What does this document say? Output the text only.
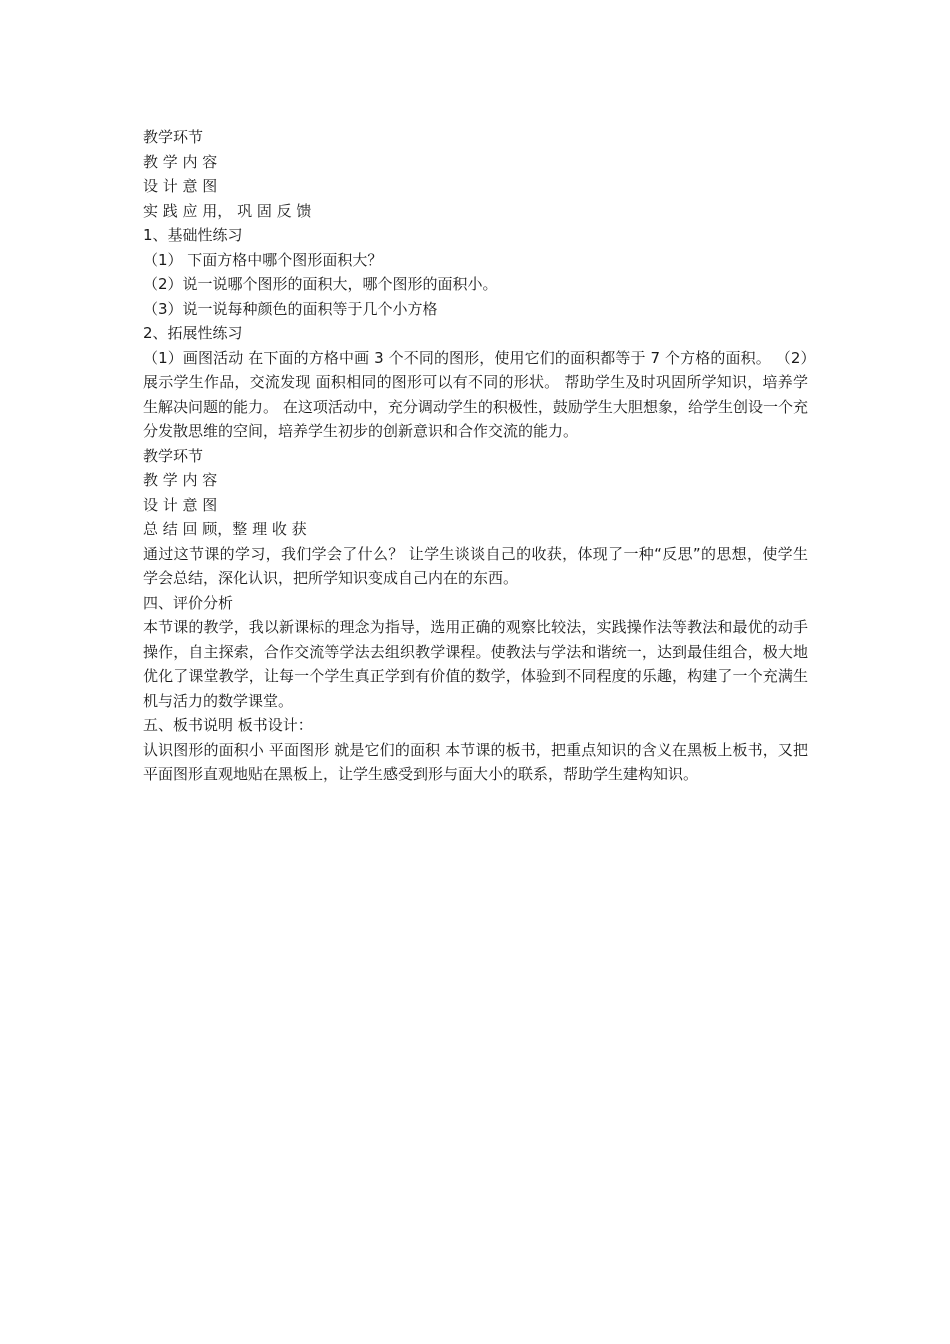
教学环节
教 学 内 容
设 计 意 图
实 践 应 用， 巩 固 反 馈
1、基础性练习
（1） 下面方格中哪个图形面积大？
（2）说一说哪个图形的面积大，哪个图形的面积小。
（3）说一说每种颜色的面积等于几个小方格
2、拓展性练习
（1）画图活动 在下面的方格中画 3 个不同的图形，使用它们的面积都等于 7 个方格的面积。 （2）展示学生作品，交流发现 面积相同的图形可以有不同的形状。 帮助学生及时巩固所学知识，培养学生解决问题的能力。 在这项活动中，充分调动学生的积极性，鼓励学生大胆想象，给学生创设一个充分发散思维的空间，培养学生初步的创新意识和合作交流的能力。
教学环节
教 学 内 容
设 计 意 图
总 结 回 顾，整 理 收 获
通过这节课的学习，我们学会了什么？ 让学生谈谈自己的收获，体现了一种“反思”的思想，使学生学会总结，深化认识，把所学知识变成自己内在的东西。
四、评价分析
本节课的教学，我以新课标的理念为指导，选用正确的观察比较法，实践操作法等教法和最优的动手操作，自主探索，合作交流等学法去组织教学课程。使教法与学法和谐统一，达到最佳组合，极大地优化了课堂教学，让每一个学生真正学到有价值的数学，体验到不同程度的乐趣，构建了一个充满生机与活力的数学课堂。
五、板书说明 板书设计：
认识图形的面积小 平面图形 就是它们的面积 本节课的板书，把重点知识的含义在黑板上板书，又把平面图形直观地贴在黑板上，让学生感受到形与面大小的联系，帮助学生建构知识。
